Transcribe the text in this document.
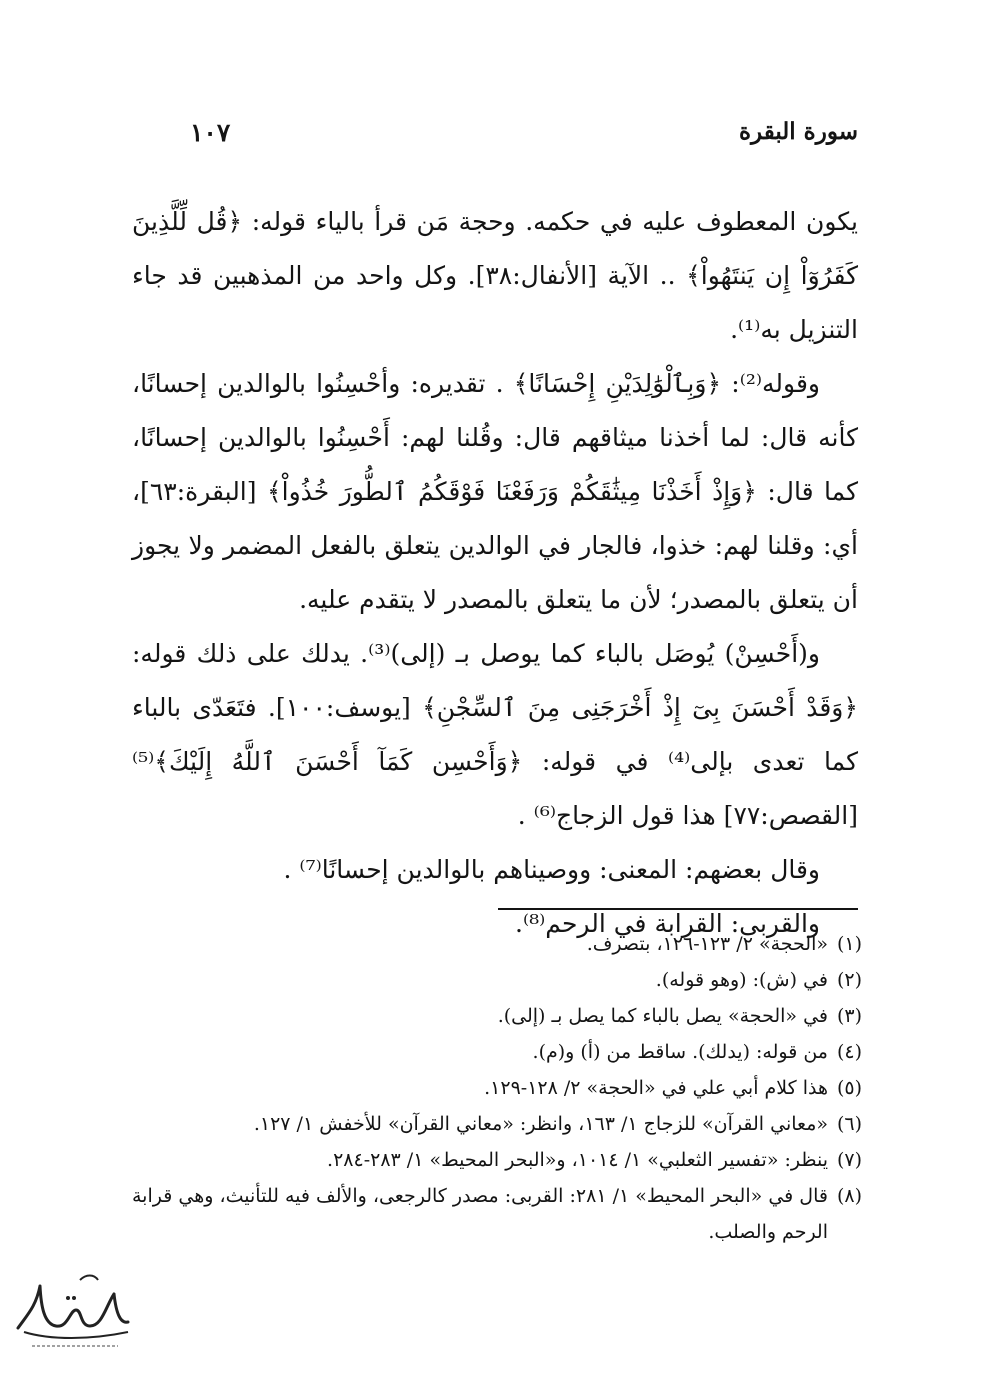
سورة البقرة
١٠٧

يكون المعطوف عليه في حكمه. وحجة مَن قرأ بالياء قوله: ﴿قُل لِّلَّذِينَ كَفَرُوٓاْ إِن يَنتَهُواْ﴾ .. الآية [الأنفال:٣٨]. وكل واحد من المذهبين قد جاء التنزيل به⁽¹⁾.

وقوله⁽²⁾: ﴿وَبِٱلْوَٰلِدَيْنِ إِحْسَانًا﴾ . تقديره: وأحْسِنُوا بالوالدين إحسانًا، كأنه قال: لما أخذنا ميثاقهم قال: وقُلنا لهم: أَحْسِنُوا بالوالدين إحسانًا، كما قال: ﴿وَإِذْ أَخَذْنَا مِيثَٰقَكُمْ وَرَفَعْنَا فَوْقَكُمُ ٱلطُّورَ خُذُواْ﴾ [البقرة:٦٣]، أي: وقلنا لهم: خذوا، فالجار في الوالدين يتعلق بالفعل المضمر ولا يجوز أن يتعلق بالمصدر؛ لأن ما يتعلق بالمصدر لا يتقدم عليه.

و(أَحْسِنْ) يُوصَل بالباء كما يوصل بـ (إلى)⁽³⁾. يدلك على ذلك قوله: ﴿وَقَدْ أَحْسَنَ بِىٓ إِذْ أَخْرَجَنِى مِنَ ٱلسِّجْنِ﴾ [يوسف:١٠٠]. فتَعَدّى بالباء كما تعدى بإلى⁽⁴⁾ في قوله: ﴿وَأَحْسِن كَمَآ أَحْسَنَ ٱللَّهُ إِلَيْكَ﴾⁽⁵⁾ [القصص:٧٧] هذا قول الزجاج⁽⁶⁾ .

وقال بعضهم: المعنى: ووصيناهم بالوالدين إحسانًا⁽⁷⁾ .

والقربى: القرابة في الرحم⁽⁸⁾.

(١)
«الحجة» ٢/ ١٢٣-١٢٦، بتصرف.
(٢)
في (ش): (وهو قوله).
(٣)
في «الحجة» يصل بالباء كما يصل بـ (إلى).
(٤)
من قوله: (يدلك). ساقط من (أ) و(م).
(٥)
هذا كلام أبي علي في «الحجة» ٢/ ١٢٨-١٢٩.
(٦)
«معاني القرآن» للزجاج ١/ ١٦٣، وانظر: «معاني القرآن» للأخفش ١/ ١٢٧.
(٧)
ينظر: «تفسير الثعلبي» ١/ ١٠١٤، و«البحر المحيط» ١/ ٢٨٣-٢٨٤.
(٨)
قال في «البحر المحيط» ١/ ٢٨١: القربى: مصدر كالرجعى، والألف فيه للتأنيث، وهي قرابة الرحم والصلب.
